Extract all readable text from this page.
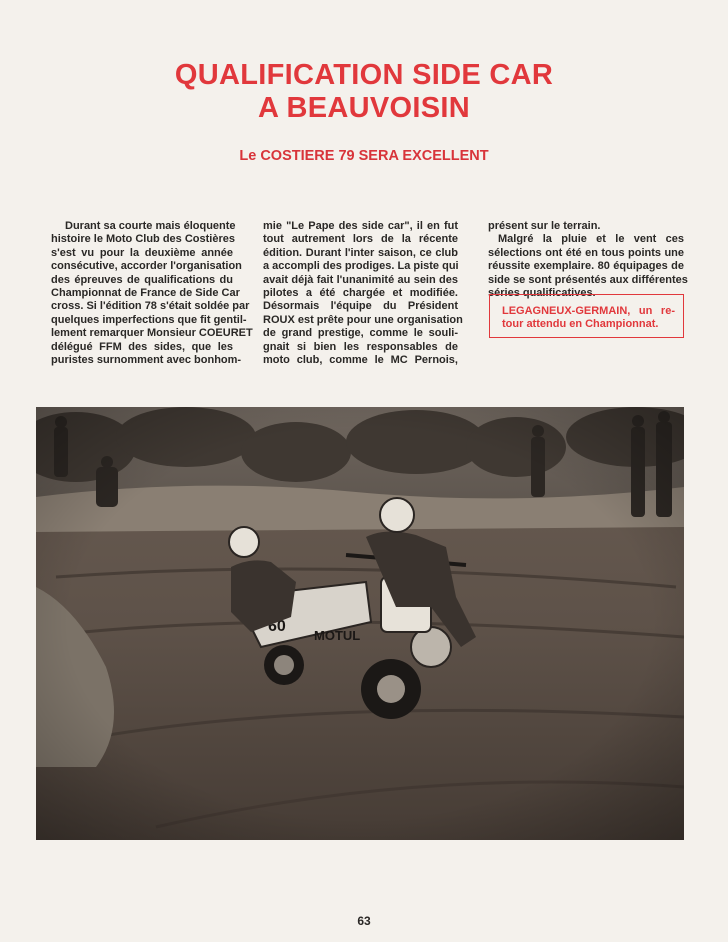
QUALIFICATION SIDE CAR
A BEAUVOISIN
Le COSTIERE 79 SERA EXCELLENT
Durant sa courte mais éloquente
histoire le Moto Club des Costières
s'est vu pour la deuxième année
consécutive, accorder l'organisation
des épreuves de qualifications du
Championnat de France de Side Car
cross. Si l'édition 78 s'était soldée par
quelques imperfections que fit gentil-
lement remarquer Monsieur COEURET
délégué FFM des sides, que les
puristes surnomment avec bonhom-
mie "Le Pape des side car", il en fut
tout autrement lors de la récente
édition. Durant l'inter saison, ce club
a accompli des prodiges. La piste qui
avait déjà fait l'unanimité au sein des
pilotes a été chargée et modifiée.
Désormais l'équipe du Président
ROUX est prête pour une organisation
de grand prestige, comme le souli-
gnait si bien les responsables de
moto club, comme le MC Pernois,
présent sur le terrain.
Malgré la pluie et le vent ces
sélections ont été en tous points une
réussite exemplaire. 80 équipages de
side se sont présentés aux différentes
séries qualificatives.
LEGAGNEUX-GERMAIN, un re-
tour attendu en Championnat.
63
